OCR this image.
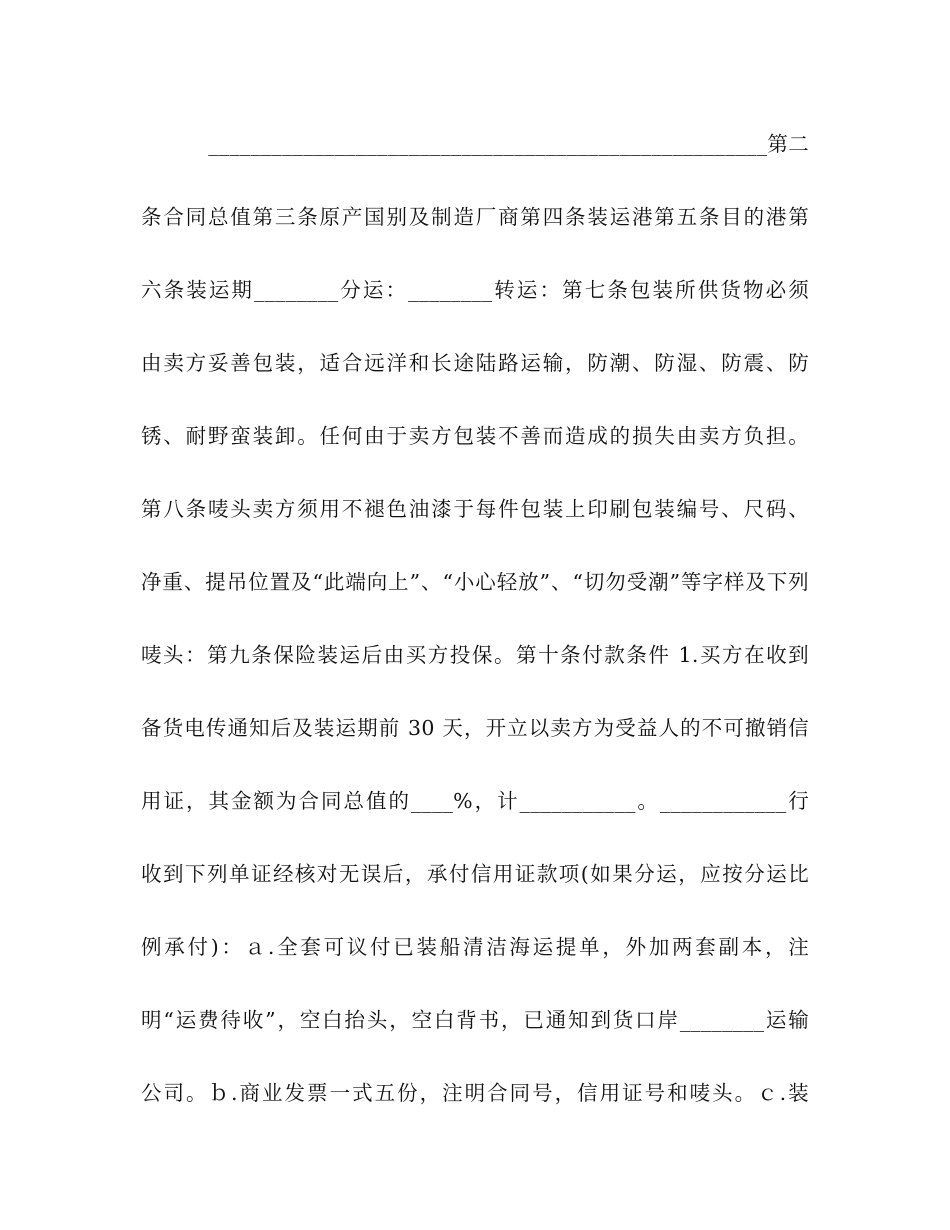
_____________________________________________________第二
条合同总值第三条原产国别及制造厂商第四条装运港第五条目的港第
六条装运期________分运：________转运：第七条包装所供货物必须
由卖方妥善包装，适合远洋和长途陆路运输，防潮、防湿、防震、防
锈、耐野蛮装卸。任何由于卖方包装不善而造成的损失由卖方负担。
第八条唛头卖方须用不褪色油漆于每件包装上印刷包装编号、尺码、
净重、提吊位置及“此端向上”、“小心轻放”、“切勿受潮”等字样及下列
唛头：第九条保险装运后由买方投保。第十条付款条件 1.买方在收到
备货电传通知后及装运期前 30 天，开立以卖方为受益人的不可撤销信
用证，其金额为合同总值的____%，计___________。____________行
收到下列单证经核对无误后，承付信用证款项(如果分运，应按分运比
例承付)：ａ.全套可议付已装船清洁海运提单，外加两套副本，注
明“运费待收”，空白抬头，空白背书，已通知到货口岸________运输
公司。ｂ.商业发票一式五份，注明合同号，信用证号和唛头。ｃ.装
